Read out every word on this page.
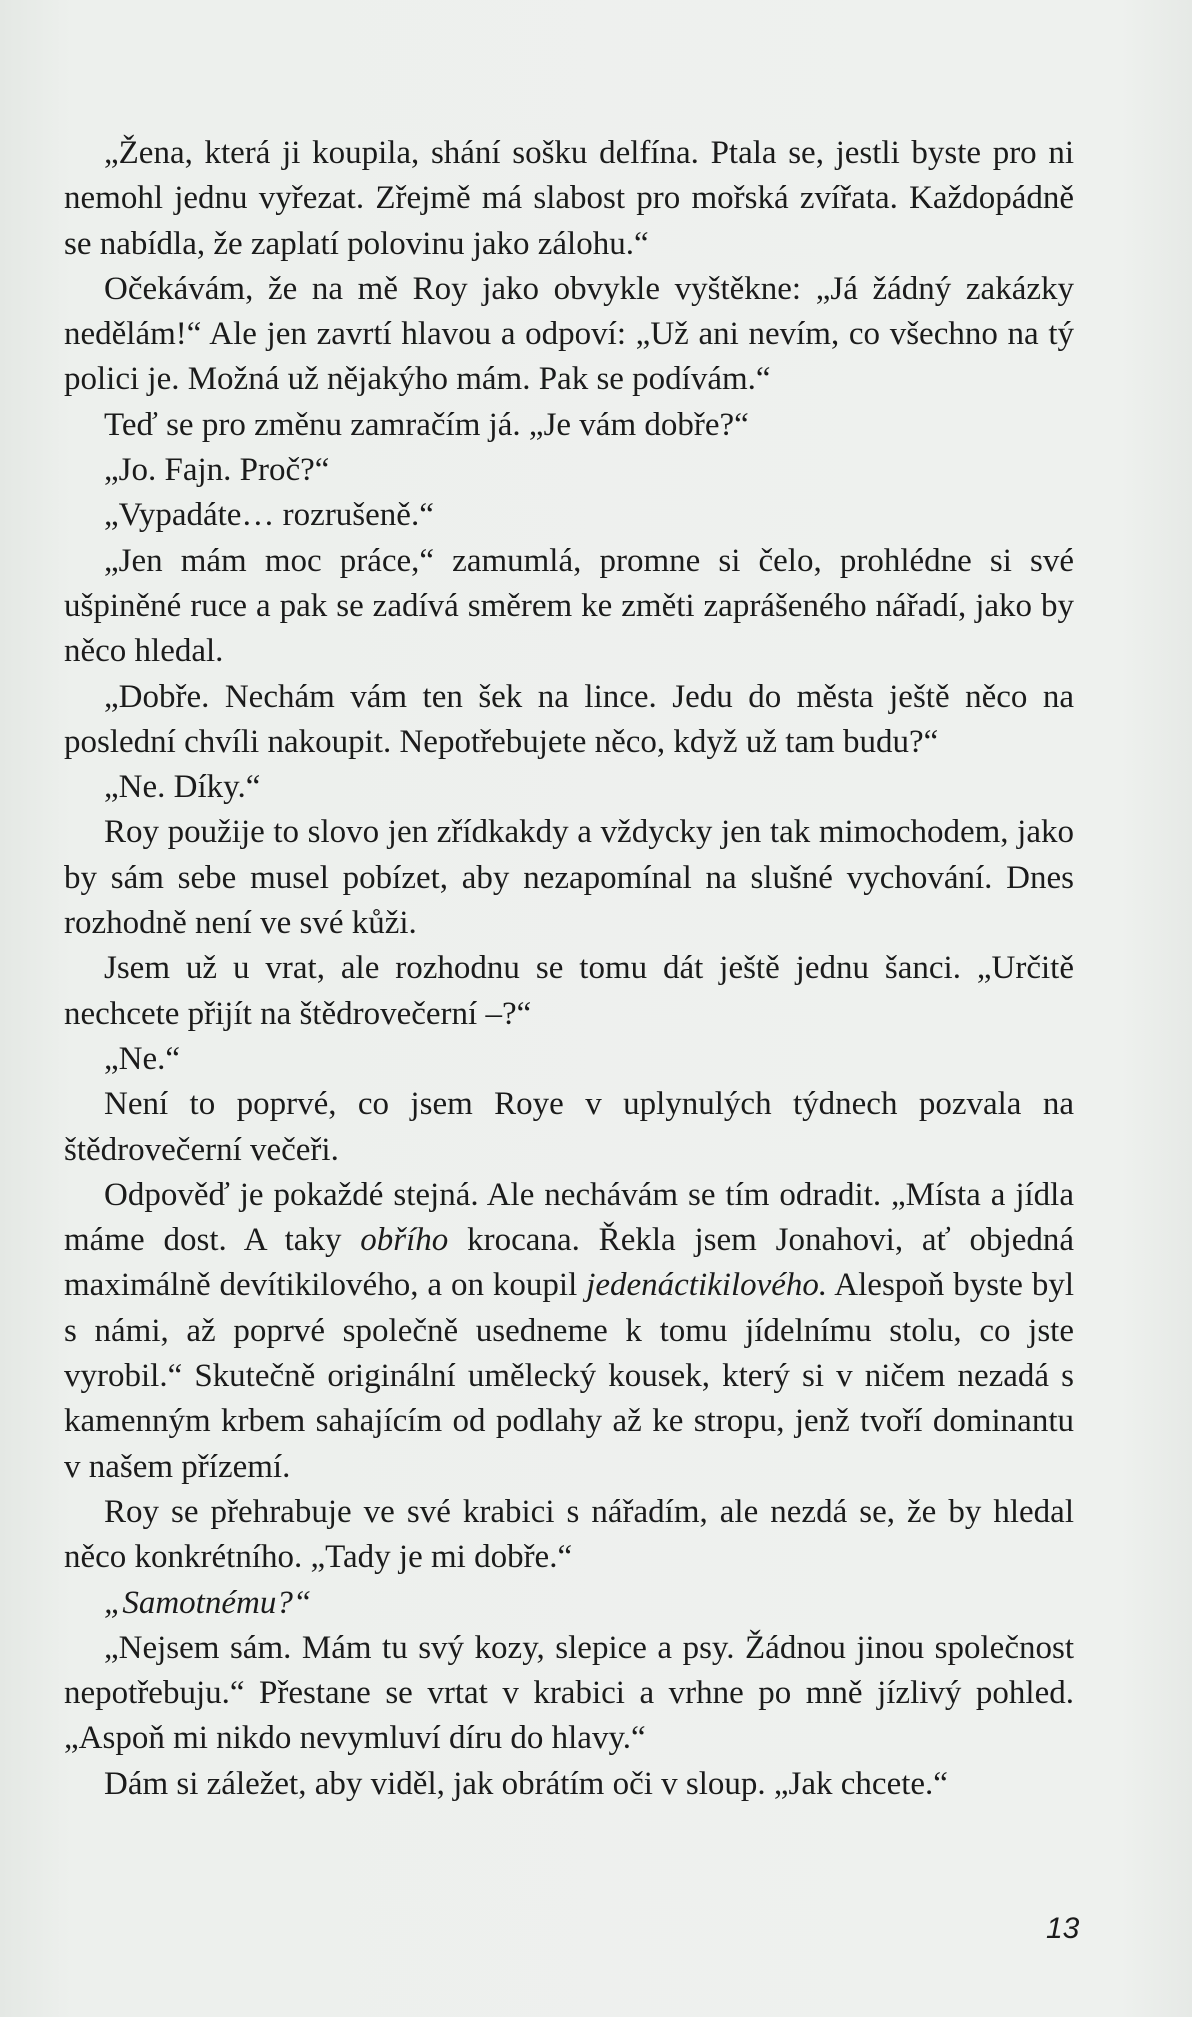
„Žena, která ji koupila, shání sošku delfína. Ptala se, jestli byste pro ni nemohl jednu vyřezat. Zřejmě má slabost pro mořská zvířata. Každopádně se nabídla, že zaplatí polovinu jako zálohu.“

Očekávám, že na mě Roy jako obvykle vyštěkne: „Já žádný zakázky nedělám!“ Ale jen zavrtí hlavou a odpoví: „Už ani nevím, co všechno na tý polici je. Možná už nějakýho mám. Pak se podívám.“

Teď se pro změnu zamračím já. „Je vám dobře?“

„Jo. Fajn. Proč?“

„Vypadáte… rozrušeně.“

„Jen mám moc práce,“ zamumlá, promne si čelo, prohlédne si své ušpiněné ruce a pak se zadívá směrem ke změti zaprášeného nářadí, jako by něco hledal.

„Dobře. Nechám vám ten šek na lince. Jedu do města ještě něco na poslední chvíli nakoupit. Nepotřebujete něco, když už tam budu?“

„Ne. Díky.“

Roy použije to slovo jen zřídkakdy a vždycky jen tak mimochodem, jako by sám sebe musel pobízet, aby nezapomínal na slušné vychování. Dnes rozhodně není ve své kůži.

Jsem už u vrat, ale rozhodnu se tomu dát ještě jednu šanci. „Určitě nechcete přijít na štědrovečerní –?“

„Ne.“

Není to poprvé, co jsem Roye v uplynulých týdnech pozvala na štědrovečerní večeři.

Odpověď je pokaždé stejná. Ale nechávám se tím odradit. „Místa a jídla máme dost. A taky obřího krocana. Řekla jsem Jonahovi, ať objedná maximálně devítikilového, a on koupil jedenáctikilového. Alespoň byste byl s námi, až poprvé společně usedneme k tomu jídelnímu stolu, co jste vyrobil.“ Skutečně originální umělecký kousek, který si v ničem nezadá s kamenným krbem sahajícím od podlahy až ke stropu, jenž tvoří dominantu v našem přízemí.

Roy se přehrabuje ve své krabici s nářadím, ale nezdá se, že by hledal něco konkrétního. „Tady je mi dobře.“

„Samotnému?“

„Nejsem sám. Mám tu svý kozy, slepice a psy. Žádnou jinou společnost nepotřebuju.“ Přestane se vrtat v krabici a vrhne po mně jízlivý pohled. „Aspoň mi nikdo nevymluví díru do hlavy.“

Dám si záležet, aby viděl, jak obrátím oči v sloup. „Jak chcete.“

13
